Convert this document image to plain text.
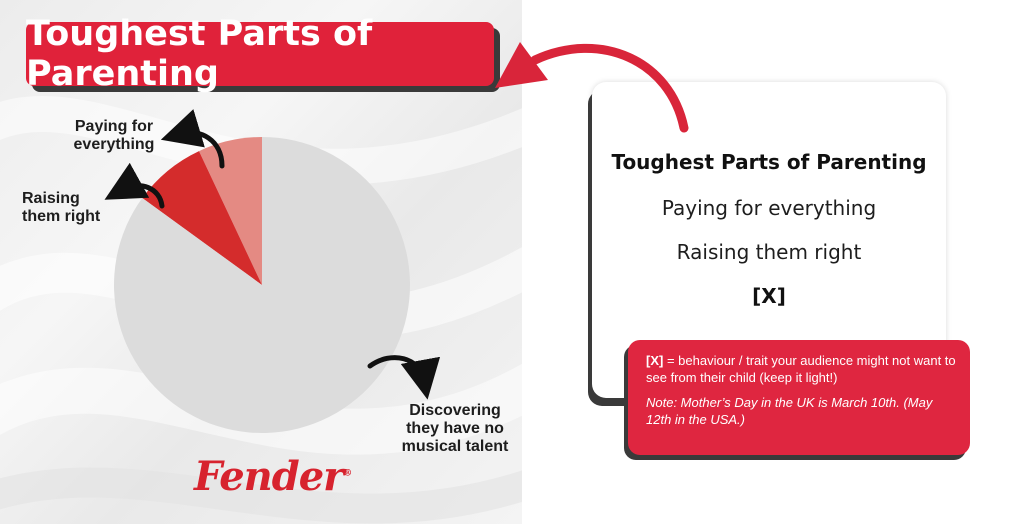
Paying for
everything
Raising
them right
Discovering
they have no
musical talent
Fender®
Toughest Parts of Parenting
Toughest Parts of Parenting
Paying for everything
Raising them right
[X]

[X] = behaviour / trait your audience might not want to see from their child (keep it light!)

Note: Mother’s Day in the UK is March 10th. (May 12th in the USA.)
